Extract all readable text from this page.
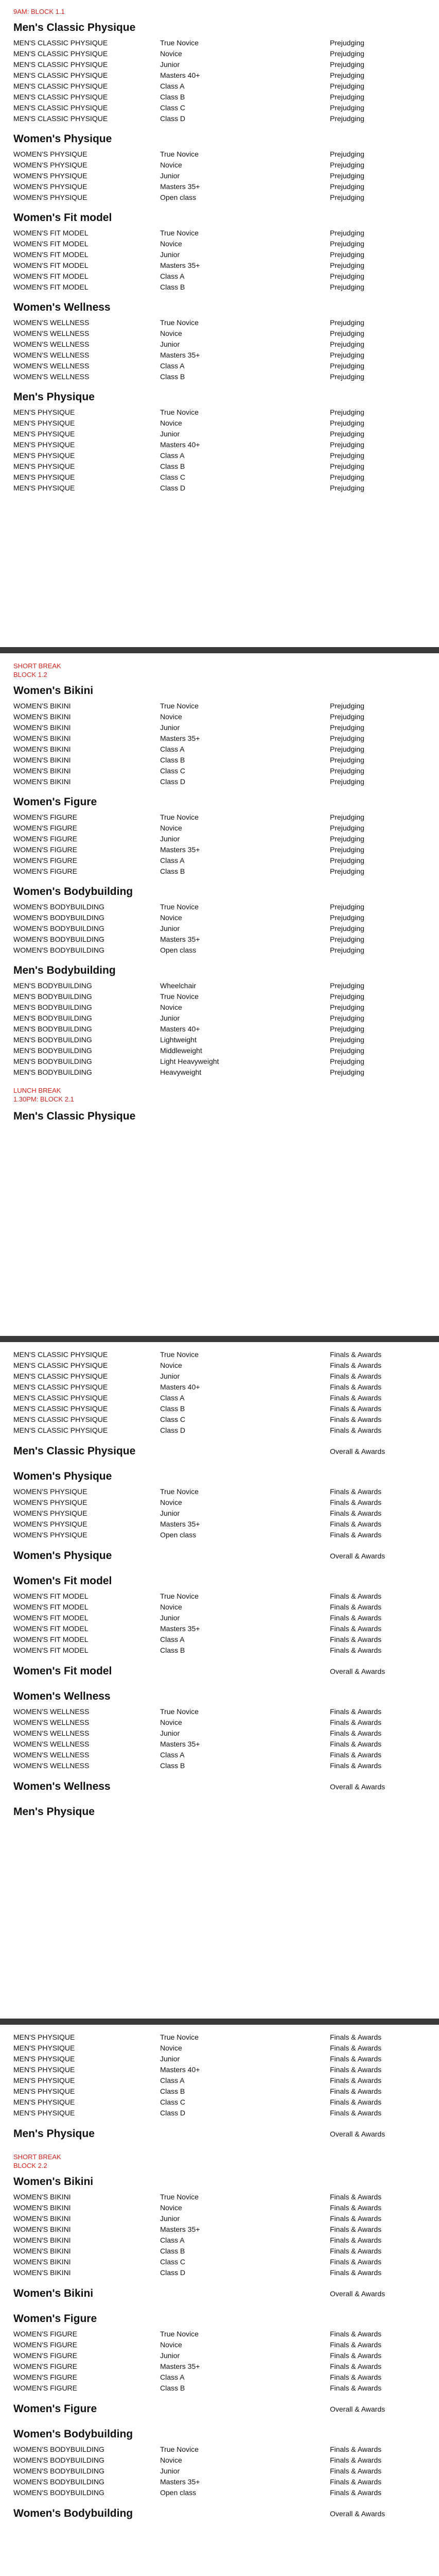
9AM: BLOCK 1.1
Men's Classic Physique
MEN'S CLASSIC PHYSIQUE	True Novice	Prejudging
MEN'S CLASSIC PHYSIQUE	Novice	Prejudging
MEN'S CLASSIC PHYSIQUE	Junior	Prejudging
MEN'S CLASSIC PHYSIQUE	Masters 40+	Prejudging
MEN'S CLASSIC PHYSIQUE	Class A	Prejudging
MEN'S CLASSIC PHYSIQUE	Class B	Prejudging
MEN'S CLASSIC PHYSIQUE	Class C	Prejudging
MEN'S CLASSIC PHYSIQUE	Class D	Prejudging
Women's Physique
WOMEN'S PHYSIQUE	True Novice	Prejudging
WOMEN'S PHYSIQUE	Novice	Prejudging
WOMEN'S PHYSIQUE	Junior	Prejudging
WOMEN'S PHYSIQUE	Masters 35+	Prejudging
WOMEN'S PHYSIQUE	Open class	Prejudging
Women's Fit model
WOMEN'S FIT MODEL	True Novice	Prejudging
WOMEN'S FIT MODEL	Novice	Prejudging
WOMEN'S FIT MODEL	Junior	Prejudging
WOMEN'S FIT MODEL	Masters 35+	Prejudging
WOMEN'S FIT MODEL	Class A	Prejudging
WOMEN'S FIT MODEL	Class B	Prejudging
Women's Wellness
WOMEN'S WELLNESS	True Novice	Prejudging
WOMEN'S WELLNESS	Novice	Prejudging
WOMEN'S WELLNESS	Junior	Prejudging
WOMEN'S WELLNESS	Masters 35+	Prejudging
WOMEN'S WELLNESS	Class A	Prejudging
WOMEN'S WELLNESS	Class B	Prejudging
Men's Physique
MEN'S PHYSIQUE	True Novice	Prejudging
MEN'S PHYSIQUE	Novice	Prejudging
MEN'S PHYSIQUE	Junior	Prejudging
MEN'S PHYSIQUE	Masters 40+	Prejudging
MEN'S PHYSIQUE	Class A	Prejudging
MEN'S PHYSIQUE	Class B	Prejudging
MEN'S PHYSIQUE	Class C	Prejudging
MEN'S PHYSIQUE	Class D	Prejudging
SHORT BREAK
BLOCK 1.2
Women's Bikini
WOMEN'S BIKINI	True Novice	Prejudging
WOMEN'S BIKINI	Novice	Prejudging
WOMEN'S BIKINI	Junior	Prejudging
WOMEN'S BIKINI	Masters 35+	Prejudging
WOMEN'S BIKINI	Class A	Prejudging
WOMEN'S BIKINI	Class B	Prejudging
WOMEN'S BIKINI	Class C	Prejudging
WOMEN'S BIKINI	Class D	Prejudging
Women's Figure
WOMEN'S FIGURE	True Novice	Prejudging
WOMEN'S FIGURE	Novice	Prejudging
WOMEN'S FIGURE	Junior	Prejudging
WOMEN'S FIGURE	Masters 35+	Prejudging
WOMEN'S FIGURE	Class A	Prejudging
WOMEN'S FIGURE	Class B	Prejudging
Women's Bodybuilding
WOMEN'S BODYBUILDING	True Novice	Prejudging
WOMEN'S BODYBUILDING	Novice	Prejudging
WOMEN'S BODYBUILDING	Junior	Prejudging
WOMEN'S BODYBUILDING	Masters 35+	Prejudging
WOMEN'S BODYBUILDING	Open class	Prejudging
Men's Bodybuilding
MEN'S BODYBUILDING	Wheelchair	Prejudging
MEN'S BODYBUILDING	True Novice	Prejudging
MEN'S BODYBUILDING	Novice	Prejudging
MEN'S BODYBUILDING	Junior	Prejudging
MEN'S BODYBUILDING	Masters 40+	Prejudging
MEN'S BODYBUILDING	Lightweight	Prejudging
MEN'S BODYBUILDING	Middleweight	Prejudging
MEN'S BODYBUILDING	Light Heavyweight	Prejudging
MEN'S BODYBUILDING	Heavyweight	Prejudging
LUNCH BREAK
1.30PM: BLOCK 2.1
Men's Classic Physique
MEN'S CLASSIC PHYSIQUE	True Novice	Finals & Awards
MEN'S CLASSIC PHYSIQUE	Novice	Finals & Awards
MEN'S CLASSIC PHYSIQUE	Junior	Finals & Awards
MEN'S CLASSIC PHYSIQUE	Masters 40+	Finals & Awards
MEN'S CLASSIC PHYSIQUE	Class A	Finals & Awards
MEN'S CLASSIC PHYSIQUE	Class B	Finals & Awards
MEN'S CLASSIC PHYSIQUE	Class C	Finals & Awards
MEN'S CLASSIC PHYSIQUE	Class D	Finals & Awards
Men's Classic Physique	Overall & Awards
Women's Physique
WOMEN'S PHYSIQUE	True Novice	Finals & Awards
WOMEN'S PHYSIQUE	Novice	Finals & Awards
WOMEN'S PHYSIQUE	Junior	Finals & Awards
WOMEN'S PHYSIQUE	Masters 35+	Finals & Awards
WOMEN'S PHYSIQUE	Open class	Finals & Awards
Women's Physique	Overall & Awards
Women's Fit model
WOMEN'S FIT MODEL	True Novice	Finals & Awards
WOMEN'S FIT MODEL	Novice	Finals & Awards
WOMEN'S FIT MODEL	Junior	Finals & Awards
WOMEN'S FIT MODEL	Masters 35+	Finals & Awards
WOMEN'S FIT MODEL	Class A	Finals & Awards
WOMEN'S FIT MODEL	Class B	Finals & Awards
Women's Fit model	Overall & Awards
Women's Wellness
WOMEN'S WELLNESS	True Novice	Finals & Awards
WOMEN'S WELLNESS	Novice	Finals & Awards
WOMEN'S WELLNESS	Junior	Finals & Awards
WOMEN'S WELLNESS	Masters 35+	Finals & Awards
WOMEN'S WELLNESS	Class A	Finals & Awards
WOMEN'S WELLNESS	Class B	Finals & Awards
Women's Wellness	Overall & Awards
Men's Physique
MEN'S PHYSIQUE	True Novice	Finals & Awards
MEN'S PHYSIQUE	Novice	Finals & Awards
MEN'S PHYSIQUE	Junior	Finals & Awards
MEN'S PHYSIQUE	Masters 40+	Finals & Awards
MEN'S PHYSIQUE	Class A	Finals & Awards
MEN'S PHYSIQUE	Class B	Finals & Awards
MEN'S PHYSIQUE	Class C	Finals & Awards
MEN'S PHYSIQUE	Class D	Finals & Awards
Men's Physique	Overall & Awards
SHORT BREAK
BLOCK 2.2
Women's Bikini
WOMEN'S BIKINI	True Novice	Finals & Awards
WOMEN'S BIKINI	Novice	Finals & Awards
WOMEN'S BIKINI	Junior	Finals & Awards
WOMEN'S BIKINI	Masters 35+	Finals & Awards
WOMEN'S BIKINI	Class A	Finals & Awards
WOMEN'S BIKINI	Class B	Finals & Awards
WOMEN'S BIKINI	Class C	Finals & Awards
WOMEN'S BIKINI	Class D	Finals & Awards
Women's Bikini	Overall & Awards
Women's Figure
WOMEN'S FIGURE	True Novice	Finals & Awards
WOMEN'S FIGURE	Novice	Finals & Awards
WOMEN'S FIGURE	Junior	Finals & Awards
WOMEN'S FIGURE	Masters 35+	Finals & Awards
WOMEN'S FIGURE	Class A	Finals & Awards
WOMEN'S FIGURE	Class B	Finals & Awards
Women's Figure	Overall & Awards
Women's Bodybuilding
WOMEN'S BODYBUILDING	True Novice	Finals & Awards
WOMEN'S BODYBUILDING	Novice	Finals & Awards
WOMEN'S BODYBUILDING	Junior	Finals & Awards
WOMEN'S BODYBUILDING	Masters 35+	Finals & Awards
WOMEN'S BODYBUILDING	Open class	Finals & Awards
Women's Bodybuilding	Overall & Awards
